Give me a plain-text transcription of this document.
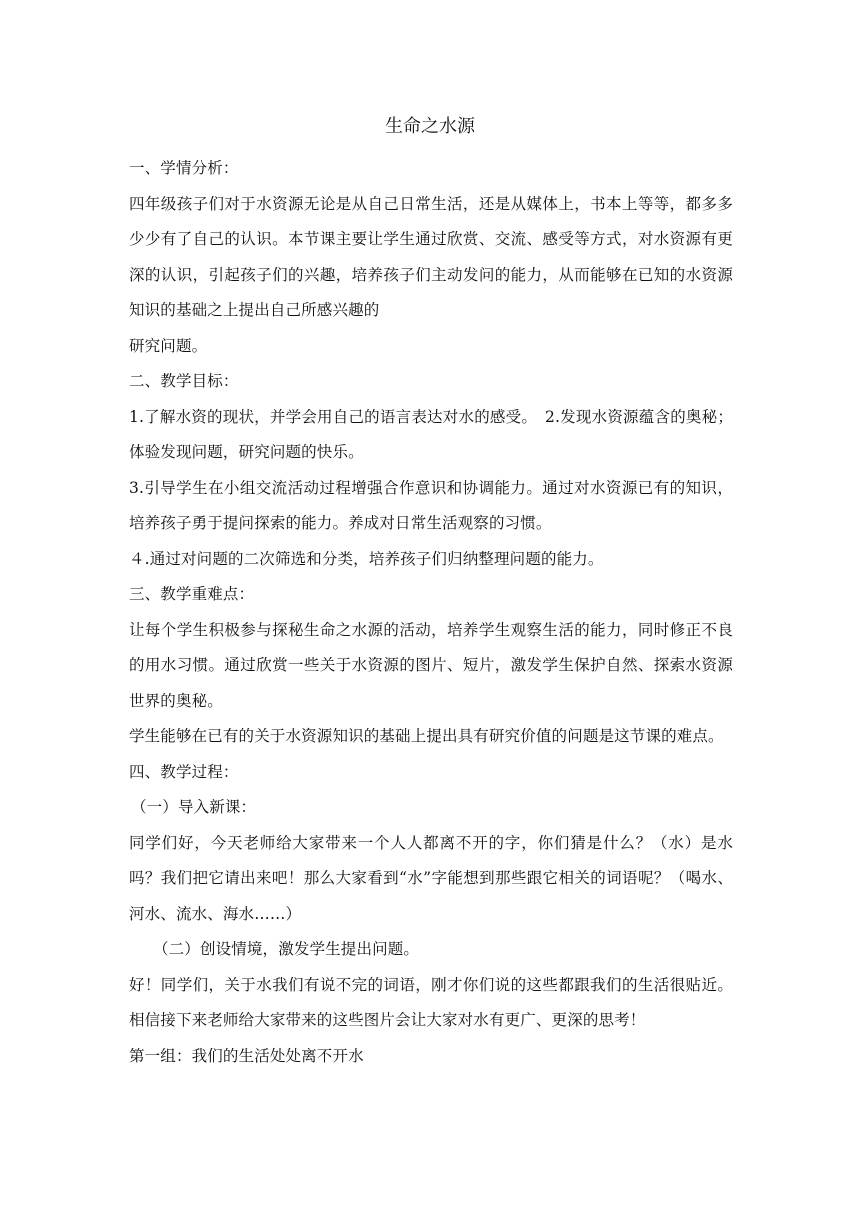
生命之水源

一、学情分析：

四年级孩子们对于水资源无论是从自己日常生活，还是从媒体上，书本上等等，都多多少少有了自己的认识。本节课主要让学生通过欣赏、交流、感受等方式，对水资源有更深的认识，引起孩子们的兴趣，培养孩子们主动发问的能力，从而能够在已知的水资源知识的基础之上提出自己所感兴趣的

研究问题。

二、教学目标：

1.了解水资的现状，并学会用自己的语言表达对水的感受。　2.发现水资源蕴含的奥秘；体验发现问题，研究问题的快乐。

3.引导学生在小组交流活动过程增强合作意识和协调能力。通过对水资源已有的知识，培养孩子勇于提问探索的能力。养成对日常生活观察的习惯。

４.通过对问题的二次筛选和分类，培养孩子们归纳整理问题的能力。

三、教学重难点：

让每个学生积极参与探秘生命之水源的活动，培养学生观察生活的能力，同时修正不良的用水习惯。通过欣赏一些关于水资源的图片、短片，激发学生保护自然、探索水资源世界的奥秘。

学生能够在已有的关于水资源知识的基础上提出具有研究价值的问题是这节课的难点。

四、教学过程：

（一）导入新课：

同学们好，今天老师给大家带来一个人人都离不开的字，你们猜是什么？（水）是水吗？我们把它请出来吧！那么大家看到“水”字能想到那些跟它相关的词语呢？（喝水、河水、流水、海水……）

（二）创设情境，激发学生提出问题。

好！同学们，关于水我们有说不完的词语，刚才你们说的这些都跟我们的生活很贴近。相信接下来老师给大家带来的这些图片会让大家对水有更广、更深的思考！

第一组：我们的生活处处离不开水
